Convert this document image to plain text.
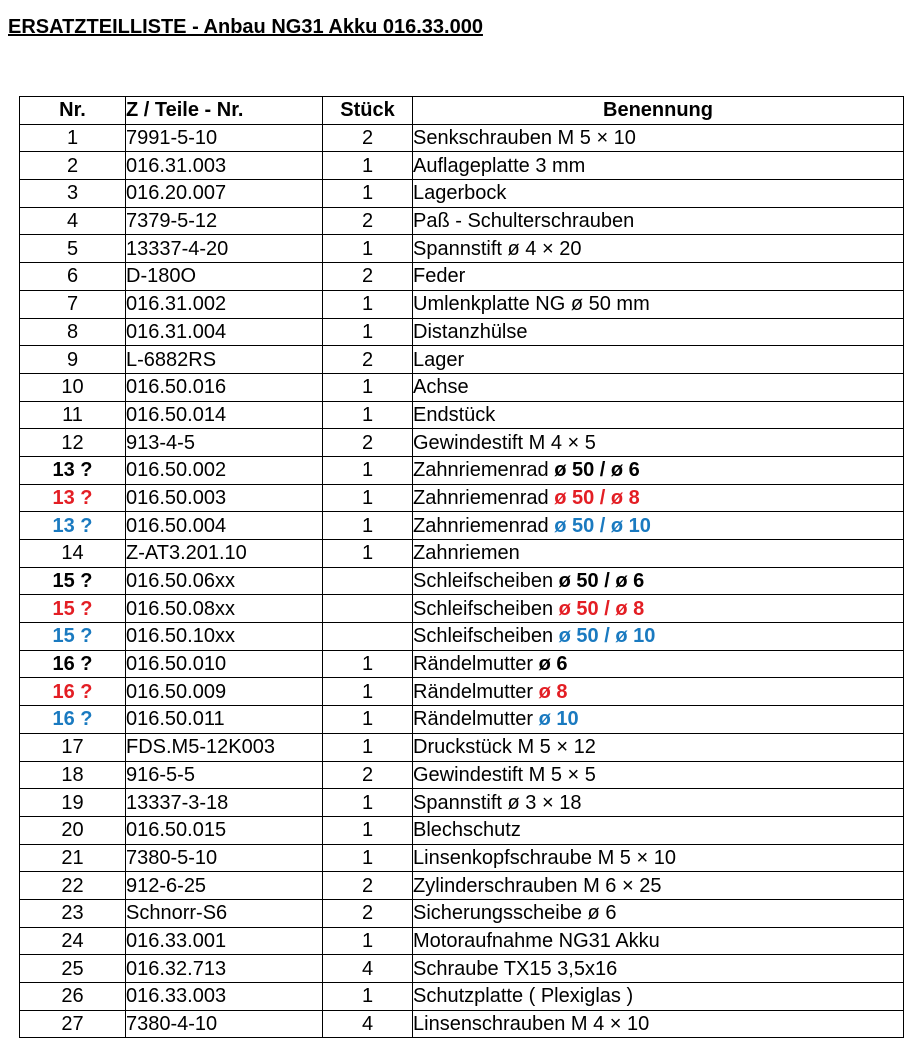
ERSATZTEILLISTE - Anbau NG31 Akku 016.33.000
Nr.	Z / Teile - Nr.	Stück	Benennung
1	7991-5-10	2	Senkschrauben M 5 × 10
2	016.31.003	1	Auflageplatte 3 mm
3	016.20.007	1	Lagerbock
4	7379-5-12	2	Paß - Schulterschrauben
5	13337-4-20	1	Spannstift ø 4 × 20
6	D-180O	2	Feder
7	016.31.002	1	Umlenkplatte NG ø 50 mm
8	016.31.004	1	Distanzhülse
9	L-6882RS	2	Lager
10	016.50.016	1	Achse
11	016.50.014	1	Endstück
12	913-4-5	2	Gewindestift M 4 × 5
13 ?	016.50.002	1	Zahnriemenrad ø 50 / ø 6
13 ?	016.50.003	1	Zahnriemenrad ø 50 / ø 8
13 ?	016.50.004	1	Zahnriemenrad ø 50 / ø 10
14	Z-AT3.201.10	1	Zahnriemen
15 ?	016.50.06xx		Schleifscheiben ø 50 / ø 6
15 ?	016.50.08xx		Schleifscheiben ø 50 / ø 8
15 ?	016.50.10xx		Schleifscheiben ø 50 / ø 10
16 ?	016.50.010	1	Rändelmutter ø 6
16 ?	016.50.009	1	Rändelmutter ø 8
16 ?	016.50.011	1	Rändelmutter ø 10
17	FDS.M5-12K003	1	Druckstück M 5 × 12
18	916-5-5	2	Gewindestift M 5 × 5
19	13337-3-18	1	Spannstift ø 3 × 18
20	016.50.015	1	Blechschutz
21	7380-5-10	1	Linsenkopfschraube M 5 × 10
22	912-6-25	2	Zylinderschrauben M 6 × 25
23	Schnorr-S6	2	Sicherungsscheibe ø 6
24	016.33.001	1	Motoraufnahme NG31 Akku
25	016.32.713	4	Schraube TX15 3,5x16
26	016.33.003	1	Schutzplatte ( Plexiglas )
27	7380-4-10	4	Linsenschrauben M 4 × 10
